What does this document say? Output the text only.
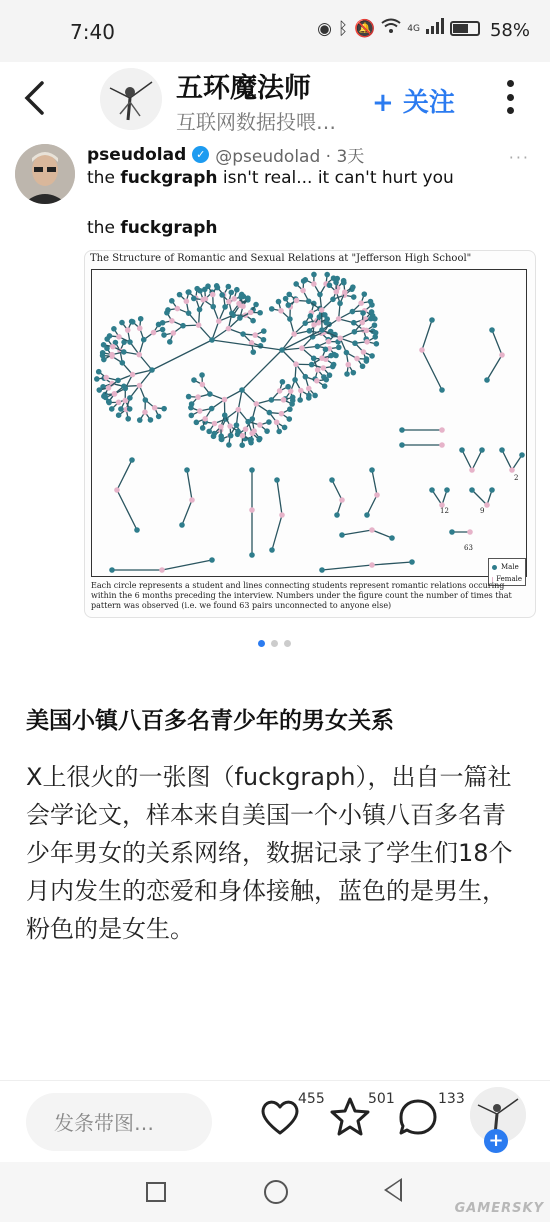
7:40	◉ ᛒ 🔕	4G	58%
五环魔法师
互联网数据投喂…
+ 关注
pseudolad ✓ @pseudolad · 3天	···
the fuckgraph isn't real... it can't hurt you
the fuckgraph
The Structure of Romantic and Sexual Relations at "Jefferson High School"
12	9
2
63
Male
Female
Each circle represents a student and lines connecting students represent romantic relations occuring within the 6 months preceding the interview. Numbers under the figure count the number of times that pattern was observed (i.e. we found 63 pairs unconnected to anyone else)
美国小镇八百多名青少年的男女关系
X上很火的一张图（fuckgraph），出自一篇社会学论文，样本来自美国一个小镇八百多名青少年男女的关系网络，数据记录了学生们18个月内发生的恋爱和身体接触，蓝色的是男生，粉色的是女生。
发条带图…
455	501	133
+
GAMERSKY
